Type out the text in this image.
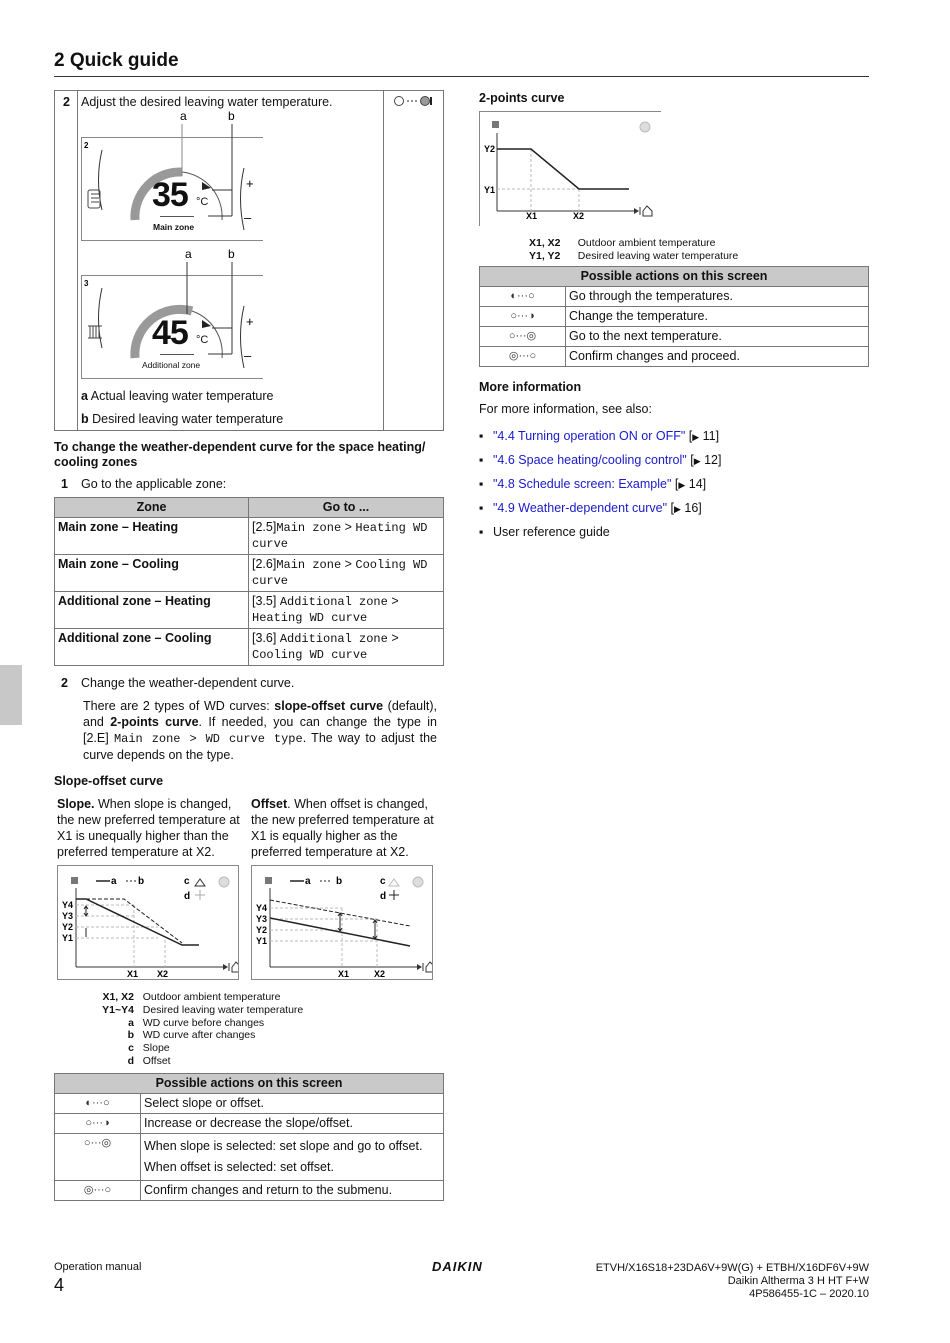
2 Quick guide
2 Adjust the desired leaving water temperature.
2
a	b
+
–
35 °C
Main zone
3
a	b
+
–
45 °C
Additional zone
a Actual leaving water temperature
b Desired leaving water temperature
To change the weather-dependent curve for the space heating/ cooling zones
1 Go to the applicable zone:
Zone	Go to ...
Main zone – Heating	[2.5]Main zone > Heating WD curve
Main zone – Cooling	[2.6]Main zone > Cooling WD curve
Additional zone – Heating	[3.5] Additional zone > Heating WD curve
Additional zone – Cooling	[3.6] Additional zone > Cooling WD curve
2	Change the weather-dependent curve.
There are 2 types of WD curves: slope-offset curve (default), and 2-points curve. If needed, you can change the type in [2.E] Main zone > WD curve type. The way to adjust the curve depends on the type.
Slope-offset curve
Slope. When slope is changed, the new preferred temperature at X1 is unequally higher than the preferred temperature at X2.
Offset. When offset is changed, the new preferred temperature at X1 is equally higher as the preferred temperature at X2.
a b	c
d
Y4
Y3
Y2
Y1
X1 X2
a	b	c
d
Y4
Y3
Y2
Y1
X1	X2
X1, X2 Outdoor ambient temperature
Y1~Y4 Desired leaving water temperature
a WD curve before changes
b WD curve after changes
c Slope
d Offset
Possible actions on this screen	
◐···○	Select slope or offset.
○···◑	Increase or decrease the slope/offset.
○···◎	When slope is selected: set slope and go to offset.
When offset is selected: set offset.

◎···○	Confirm changes and return to the submenu.
2-points curve
Y2
Y1
X1	X2
X1, X2 Outdoor ambient temperature
Y1, Y2 Desired leaving water temperature
Possible actions on this screen	
◐···○	Go through the temperatures.
○···◑	Change the temperature.
○···◎	Go to the next temperature.
◎···○	Confirm changes and proceed.
More information
For more information, see also:
▪ "4.4 Turning operation ON or OFF" [▶ 11]
▪ "4.6 Space heating/cooling control" [▶ 12]
▪ "4.8 Schedule screen: Example" [▶ 14]
▪ "4.9 Weather-dependent curve" [▶ 16]
▪ User reference guide
Operation manual
4
DAIKIN	ETVH/X16S18+23DA6V+9W(G) + ETBH/X16DF6V+9W
Daikin Altherma 3 H HT F+W
4P586455-1C – 2020.10
